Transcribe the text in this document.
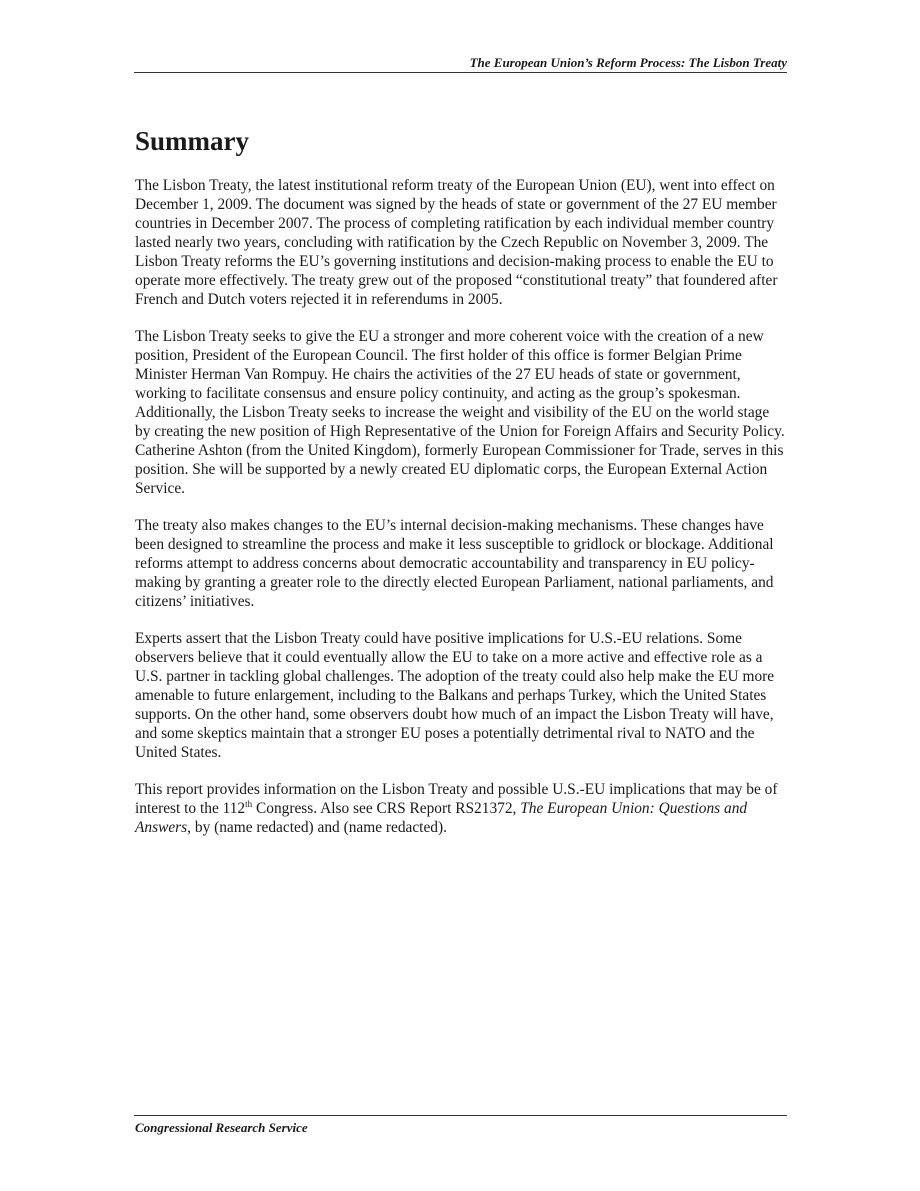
The European Union’s Reform Process: The Lisbon Treaty
Summary

The Lisbon Treaty, the latest institutional reform treaty of the European Union (EU), went into effect on December 1, 2009. The document was signed by the heads of state or government of the 27 EU member countries in December 2007. The process of completing ratification by each individual member country lasted nearly two years, concluding with ratification by the Czech Republic on November 3, 2009. The Lisbon Treaty reforms the EU’s governing institutions and decision-making process to enable the EU to operate more effectively. The treaty grew out of the proposed “constitutional treaty” that foundered after French and Dutch voters rejected it in referendums in 2005.

The Lisbon Treaty seeks to give the EU a stronger and more coherent voice with the creation of a new position, President of the European Council. The first holder of this office is former Belgian Prime Minister Herman Van Rompuy. He chairs the activities of the 27 EU heads of state or government, working to facilitate consensus and ensure policy continuity, and acting as the group’s spokesman. Additionally, the Lisbon Treaty seeks to increase the weight and visibility of the EU on the world stage by creating the new position of High Representative of the Union for Foreign Affairs and Security Policy. Catherine Ashton (from the United Kingdom), formerly European Commissioner for Trade, serves in this position. She will be supported by a newly created EU diplomatic corps, the European External Action Service.

The treaty also makes changes to the EU’s internal decision-making mechanisms. These changes have been designed to streamline the process and make it less susceptible to gridlock or blockage. Additional reforms attempt to address concerns about democratic accountability and transparency in EU policy-making by granting a greater role to the directly elected European Parliament, national parliaments, and citizens’ initiatives.

Experts assert that the Lisbon Treaty could have positive implications for U.S.-EU relations. Some observers believe that it could eventually allow the EU to take on a more active and effective role as a U.S. partner in tackling global challenges. The adoption of the treaty could also help make the EU more amenable to future enlargement, including to the Balkans and perhaps Turkey, which the United States supports. On the other hand, some observers doubt how much of an impact the Lisbon Treaty will have, and some skeptics maintain that a stronger EU poses a potentially detrimental rival to NATO and the United States.

This report provides information on the Lisbon Treaty and possible U.S.-EU implications that may be of interest to the 112th Congress. Also see CRS Report RS21372, The European Union: Questions and Answers, by (name redacted) and (name redacted).

Congressional Research Service
